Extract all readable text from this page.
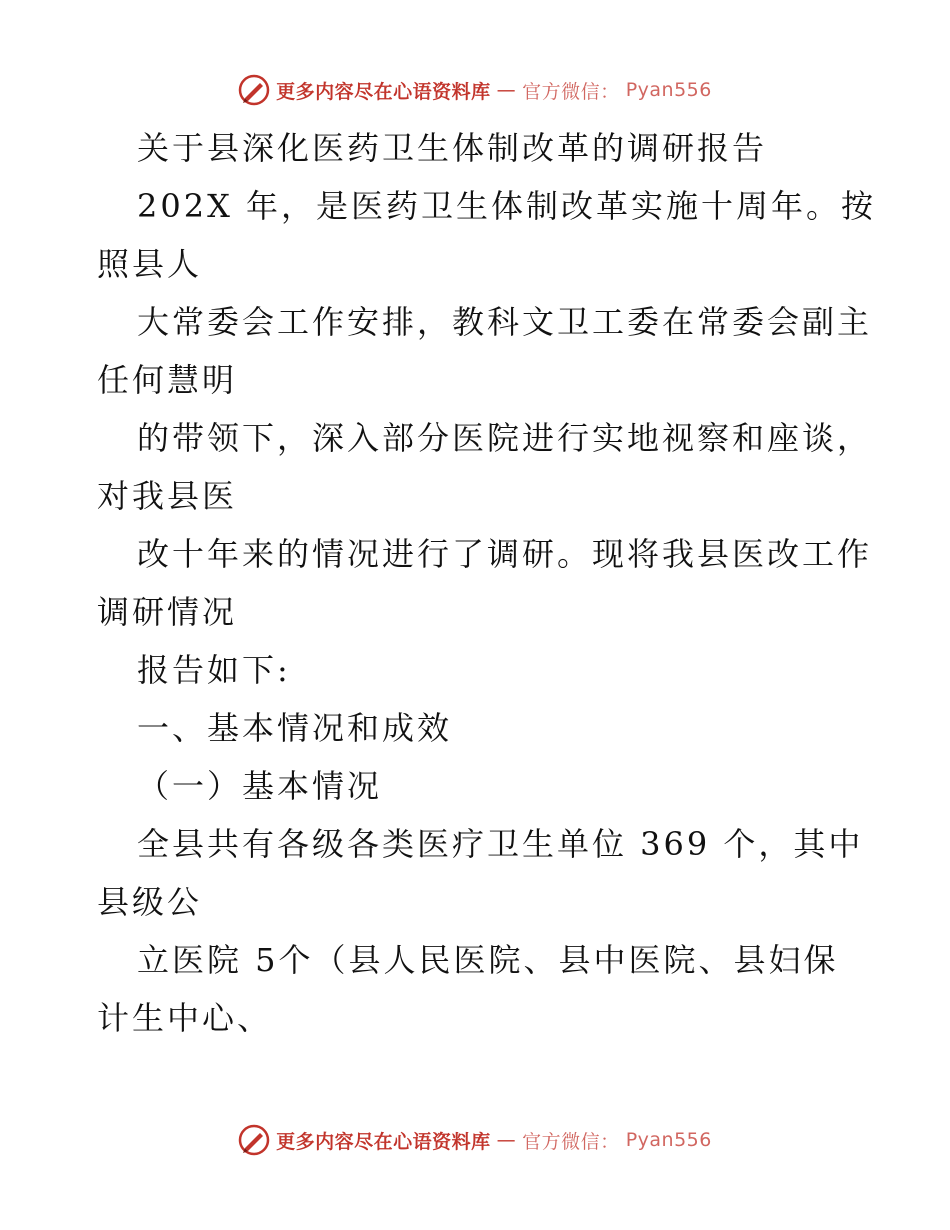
更多内容尽在心语资料库 — 官方微信： Pyan556
关于县深化医药卫生体制改革的调研报告
202X 年，是医药卫生体制改革实施十周年。按
照县人
大常委会工作安排，教科文卫工委在常委会副主
任何慧明
的带领下，深入部分医院进行实地视察和座谈，
对我县医
改十年来的情况进行了调研。现将我县医改工作
调研情况
报告如下:
一、基本情况和成效
（一）基本情况
全县共有各级各类医疗卫生单位 369 个，其中
县级公
立医院 5个（县人民医院、县中医院、县妇保
计生中心、
更多内容尽在心语资料库 — 官方微信： Pyan556
